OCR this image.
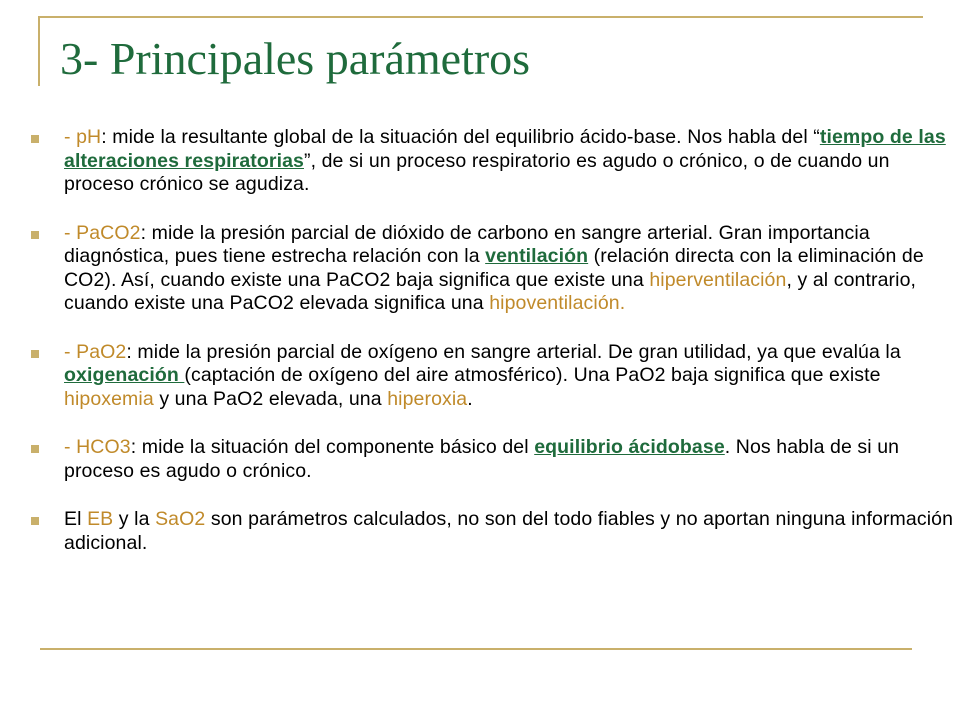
3- Principales parámetros
- pH: mide la resultante global de la situación del equilibrio ácido-base. Nos habla del “tiempo de las alteraciones respiratorias”, de si un proceso respiratorio es agudo o crónico, o de cuando un proceso crónico se agudiza.
- PaCO2: mide la presión parcial de dióxido de carbono en sangre arterial. Gran importancia diagnóstica, pues tiene estrecha relación con la ventilación (relación directa con la eliminación de CO2). Así, cuando existe una PaCO2 baja significa que existe una hiperventilación, y al contrario, cuando existe una PaCO2 elevada significa una hipoventilación.
- PaO2: mide la presión parcial de oxígeno en sangre arterial. De gran utilidad, ya que evalúa la oxigenación (captación de oxígeno del aire atmosférico). Una PaO2 baja significa que existe hipoxemia y una PaO2 elevada, una hiperoxia.
- HCO3: mide la situación del componente básico del equilibrio ácidobase. Nos habla de si un proceso es agudo o crónico.
El EB y la SaO2 son parámetros calculados, no son del todo fiables y no aportan ninguna información adicional.
